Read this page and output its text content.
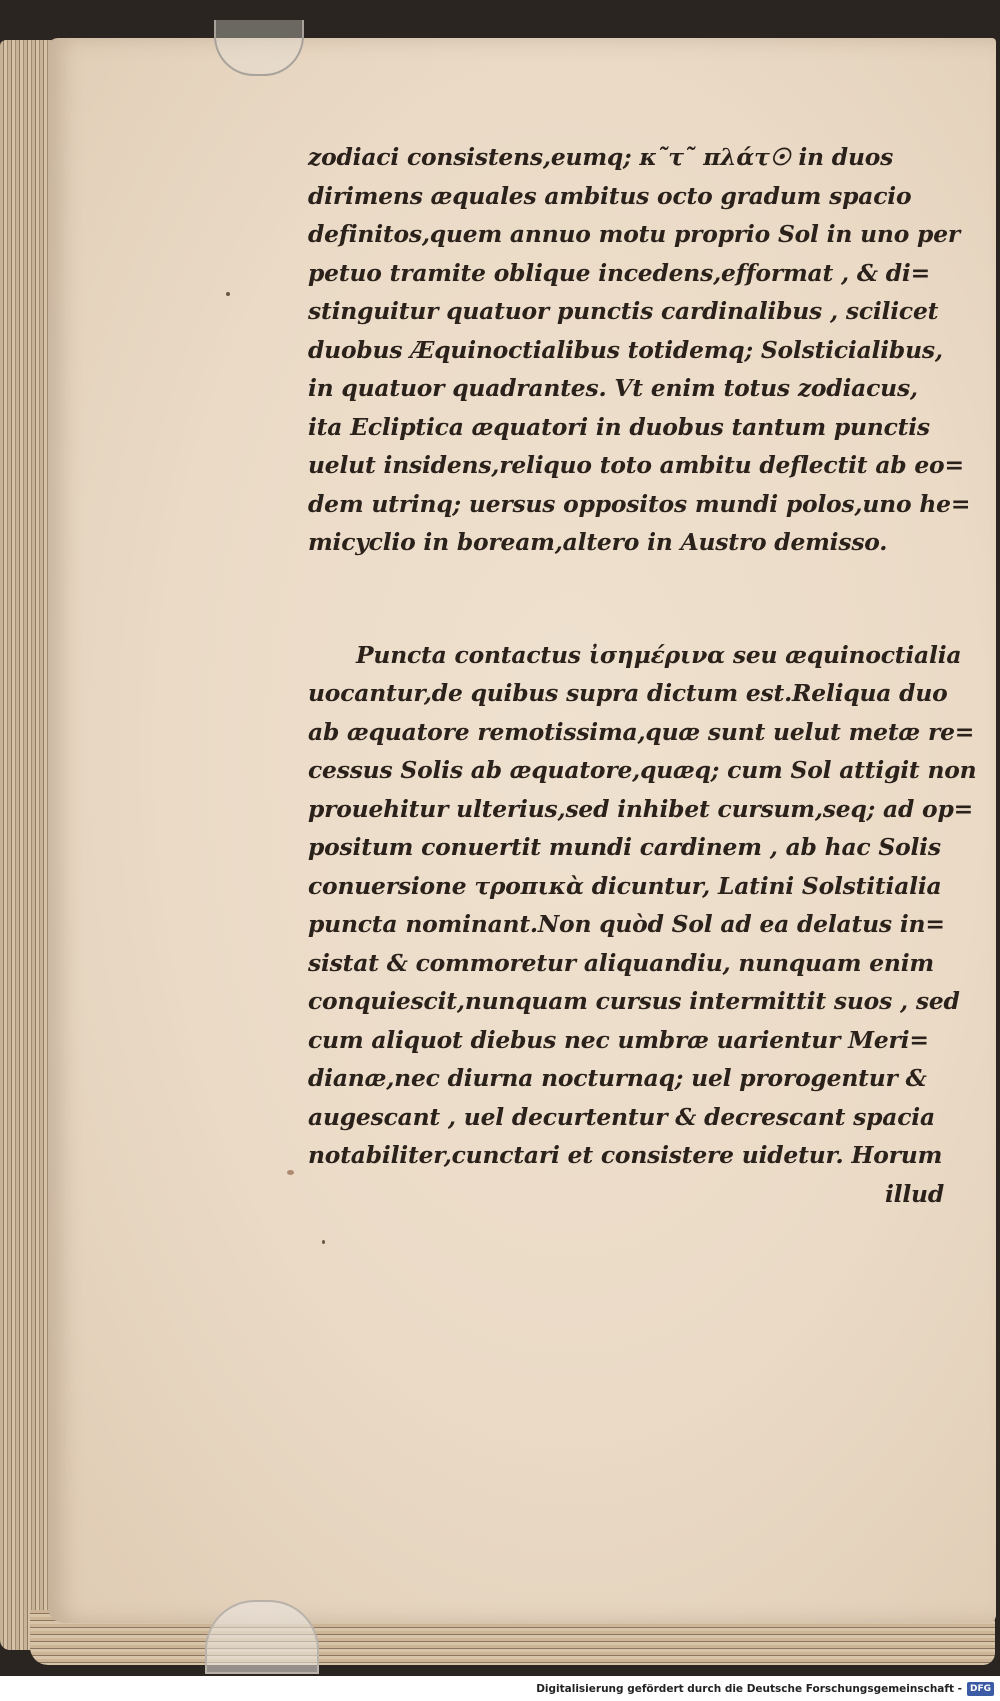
zodiaci consistens,eumq; κ῀τ῀ πλάτ☉ in duos
dirimens æquales ambitus octo gradum spacio
definitos,quem annuo motu proprio Sol in uno per
petuo tramite oblique incedens,efformat , & di=
stinguitur quatuor punctis cardinalibus , scilicet
duobus Æquinoctialibus totidemq; Solsticialibus,
in quatuor quadrantes. Vt enim totus zodiacus,
ita Ecliptica æquatori in duobus tantum punctis
uelut insidens,reliquo toto ambitu deflectit ab eo=
dem utrinq; uersus oppositos mundi polos,uno he=
micyclio in boream,altero in Austro demisso.
Puncta contactus ἰσημέρινα seu æquinoctialia
uocantur,de quibus supra dictum est.Reliqua duo
ab æquatore remotissima,quæ sunt uelut metæ re=
cessus Solis ab æquatore,quæq; cum Sol attigit non
prouehitur ulterius,sed inhibet cursum,seq; ad op=
positum conuertit mundi cardinem , ab hac Solis
conuersione τροπικὰ dicuntur, Latini Solstitialia
puncta nominant.Non quòd Sol ad ea delatus in=
sistat & commoretur aliquandiu, nunquam enim
conquiescit,nunquam cursus intermittit suos , sed
cum aliquot diebus nec umbræ uarientur Meri=
dianæ,nec diurna nocturnaq; uel prorogentur &
augescant , uel decurtentur & decrescant spacia
notabiliter,cunctari et consistere uidetur. Horum
illud
Digitalisierung gefördert durch die Deutsche Forschungsgemeinschaft - DFG
